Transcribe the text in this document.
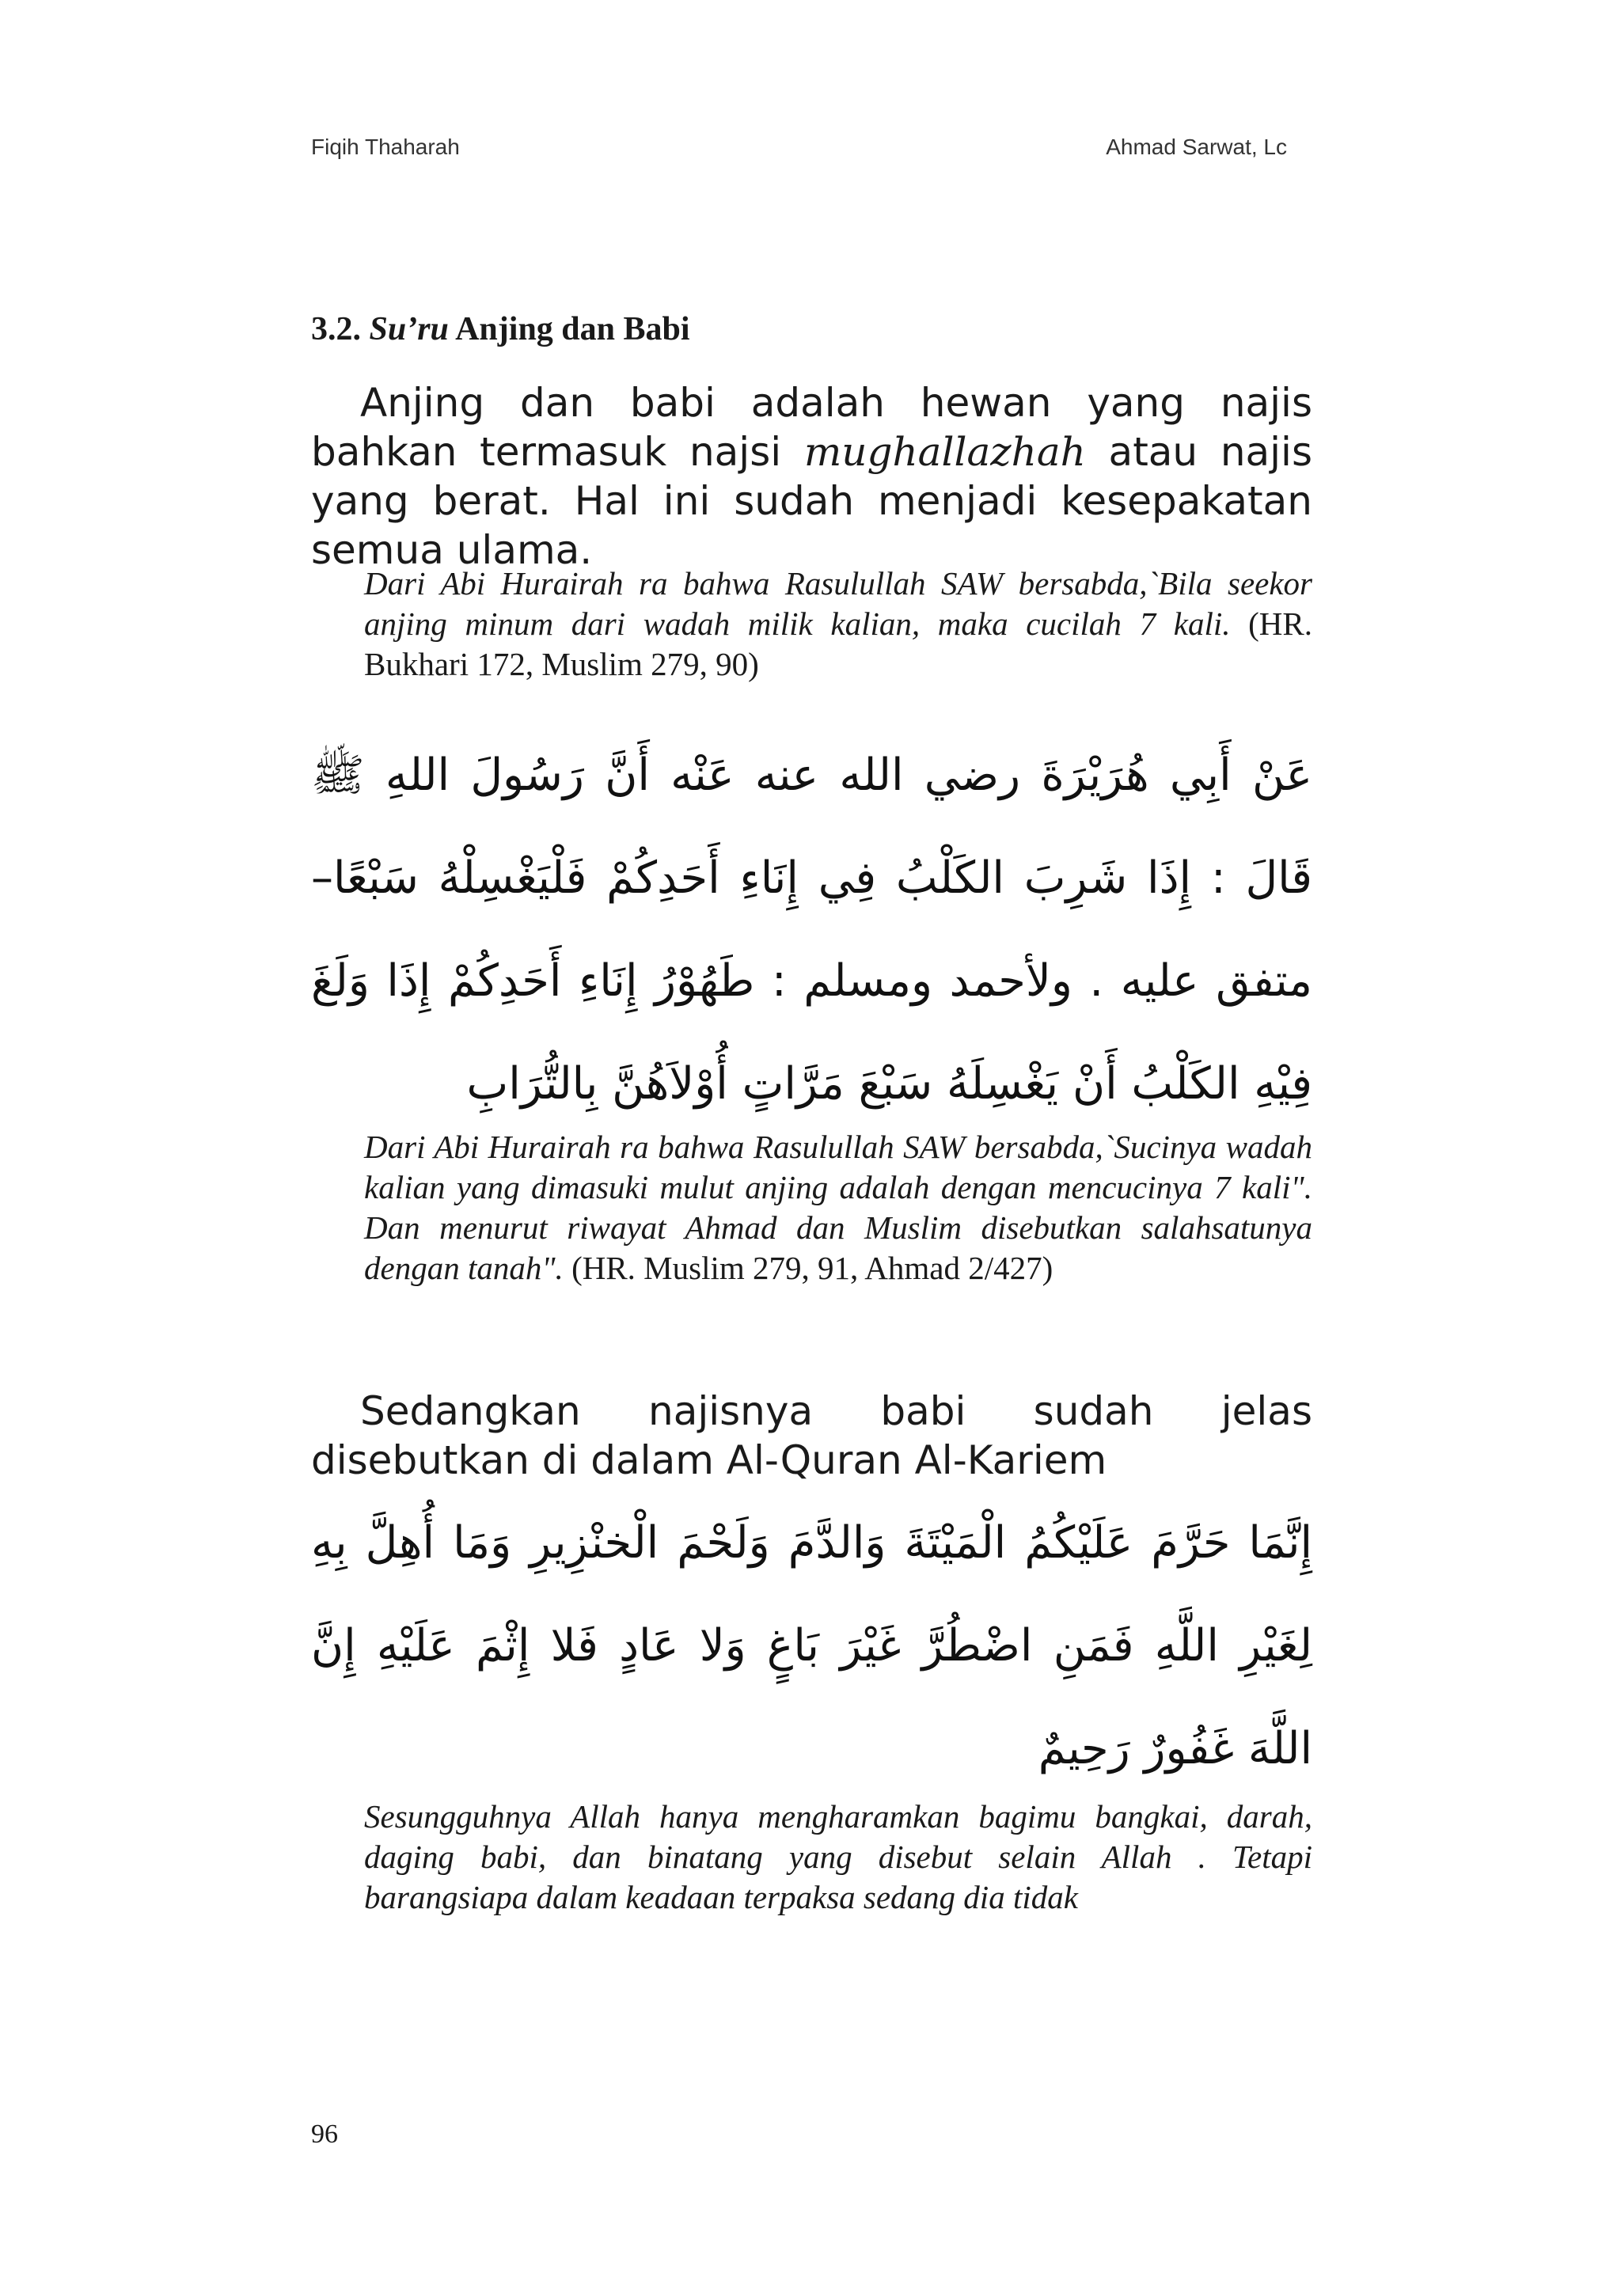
Fiqih Thaharah	Ahmad Sarwat, Lc
3.2. Su’ru Anjing dan Babi
Anjing dan babi adalah hewan yang najis bahkan termasuk najsi mughallazhah atau najis yang berat. Hal ini sudah menjadi kesepakatan semua ulama.
Dari Abi Hurairah ra bahwa Rasulullah SAW bersabda,`Bila seekor anjing minum dari wadah milik kalian, maka cucilah 7 kali. (HR. Bukhari 172, Muslim 279, 90)
عَنْ أَبِي هُرَيْرَةَ رضي الله عنه عَنْه أَنَّ رَسُولَ اللهِ ﷺ قَالَ : إِذَا شَرِبَ الكَلْبُ فِي إِنَاءِ أَحَدِكُمْ فَلْيَغْسِلْهُ سَبْعًا– متفق عليه . ولأحمد ومسلم : طَهُوْرُ إِنَاءِ أَحَدِكُمْ إِذَا وَلَغَ فِيْهِ الكَلْبُ أَنْ يَغْسِلَهُ سَبْعَ مَرَّاتٍ أُوْلاَهُنَّ بِالتُّرَابِ
Dari Abi Hurairah ra bahwa Rasulullah SAW bersabda,`Sucinya wadah kalian yang dimasuki mulut anjing adalah dengan mencucinya 7 kali". Dan menurut riwayat Ahmad dan Muslim disebutkan salahsatunya dengan tanah". (HR. Muslim 279, 91, Ahmad 2/427)
Sedangkan najisnya babi sudah jelas disebutkan di dalam Al-Quran Al-Kariem
إِنَّمَا حَرَّمَ عَلَيْكُمُ الْمَيْتَةَ وَالدَّمَ وَلَحْمَ الْخنْزِيرِ وَمَا أُهِلَّ بِهِ لِغَيْرِ اللَّهِ فَمَنِ اضْطُرَّ غَيْرَ بَاغٍ وَلا عَادٍ فَلا إِثْمَ عَلَيْهِ إِنَّ اللَّهَ غَفُورٌ رَحِيمٌ
Sesungguhnya Allah hanya mengharamkan bagimu bangkai, darah, daging babi, dan binatang yang disebut selain Allah . Tetapi barangsiapa dalam keadaan terpaksa sedang dia tidak
96
